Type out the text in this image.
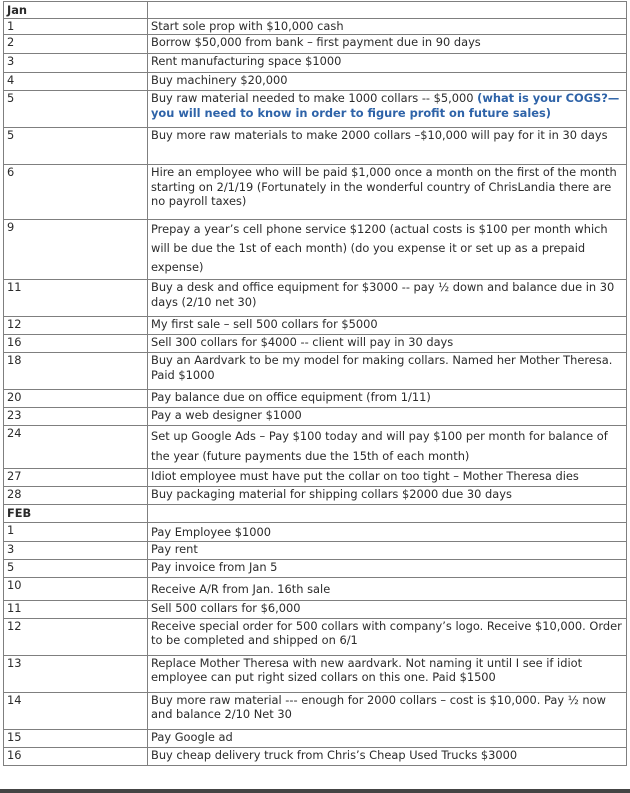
Jan	
1	Start sole prop with $10,000 cash
2	Borrow $50,000 from bank – first payment due in 90 days
3	Rent manufacturing space $1000
4	Buy machinery $20,000
5	Buy raw material needed to make 1000 collars -- $5,000 (what is your COGS?—you will need to know in order to figure profit on future sales)
5	Buy more raw materials to make 2000 collars –$10,000 will pay for it in 30 days
6	Hire an employee who will be paid $1,000 once a month on the first of the month starting on 2/1/19 (Fortunately in the wonderful country of ChrisLandia there are no payroll taxes)
9	Prepay a year’s cell phone service $1200 (actual costs is $100 per month which will be due the 1st of each month) (do you expense it or set up as a prepaid expense)
11	Buy a desk and office equipment for $3000 -- pay ½ down and balance due in 30 days (2/10 net 30)
12	My first sale – sell 500 collars for $5000
16	Sell 300 collars for $4000 -- client will pay in 30 days
18	Buy an Aardvark to be my model for making collars. Named her Mother Theresa. Paid $1000
20	Pay balance due on office equipment (from 1/11)
23	Pay a web designer $1000
24	Set up Google Ads – Pay $100 today and will pay $100 per month for balance of the year (future payments due the 15th of each month)
27	Idiot employee must have put the collar on too tight – Mother Theresa dies
28	Buy packaging material for shipping collars $2000 due 30 days
FEB	
1	Pay Employee $1000
3	Pay rent
5	Pay invoice from Jan 5
10	Receive A/R from Jan. 16th sale
11	Sell 500 collars for $6,000
12	Receive special order for 500 collars with company’s logo. Receive $10,000. Order to be completed and shipped on 6/1
13	Replace Mother Theresa with new aardvark. Not naming it until I see if idiot employee can put right sized collars on this one. Paid $1500
14	Buy more raw material --- enough for 2000 collars – cost is $10,000. Pay ½ now and balance 2/10 Net 30
15	Pay Google ad
16	Buy cheap delivery truck from Chris’s Cheap Used Trucks $3000
